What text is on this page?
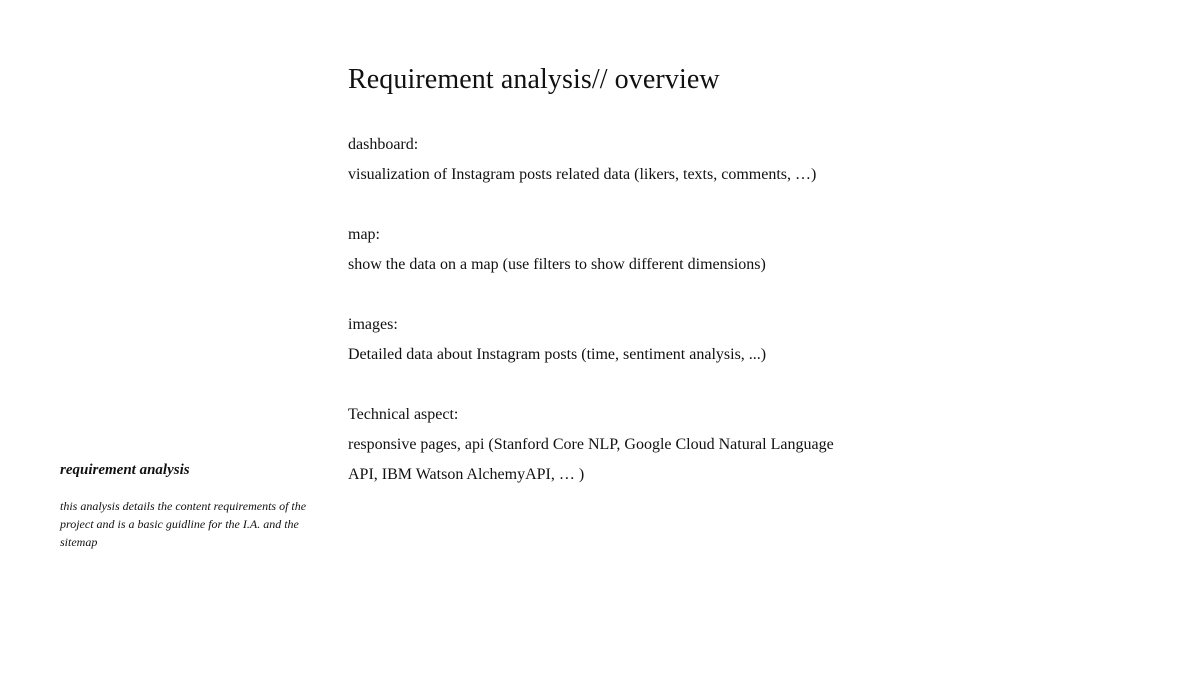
Requirement analysis// overview

dashboard:

visualization of Instagram posts related data (likers, texts, comments, …)

map:

show the data on a map (use filters to show different dimensions)

images:

Detailed data about Instagram posts (time, sentiment analysis, ...)

Technical aspect:

responsive pages, api (Stanford Core NLP, Google Cloud Natural Language API, IBM Watson AlchemyAPI, … )

requirement analysis

this analysis details the content requirements of the project and is a basic guidline for the I.A. and the sitemap
